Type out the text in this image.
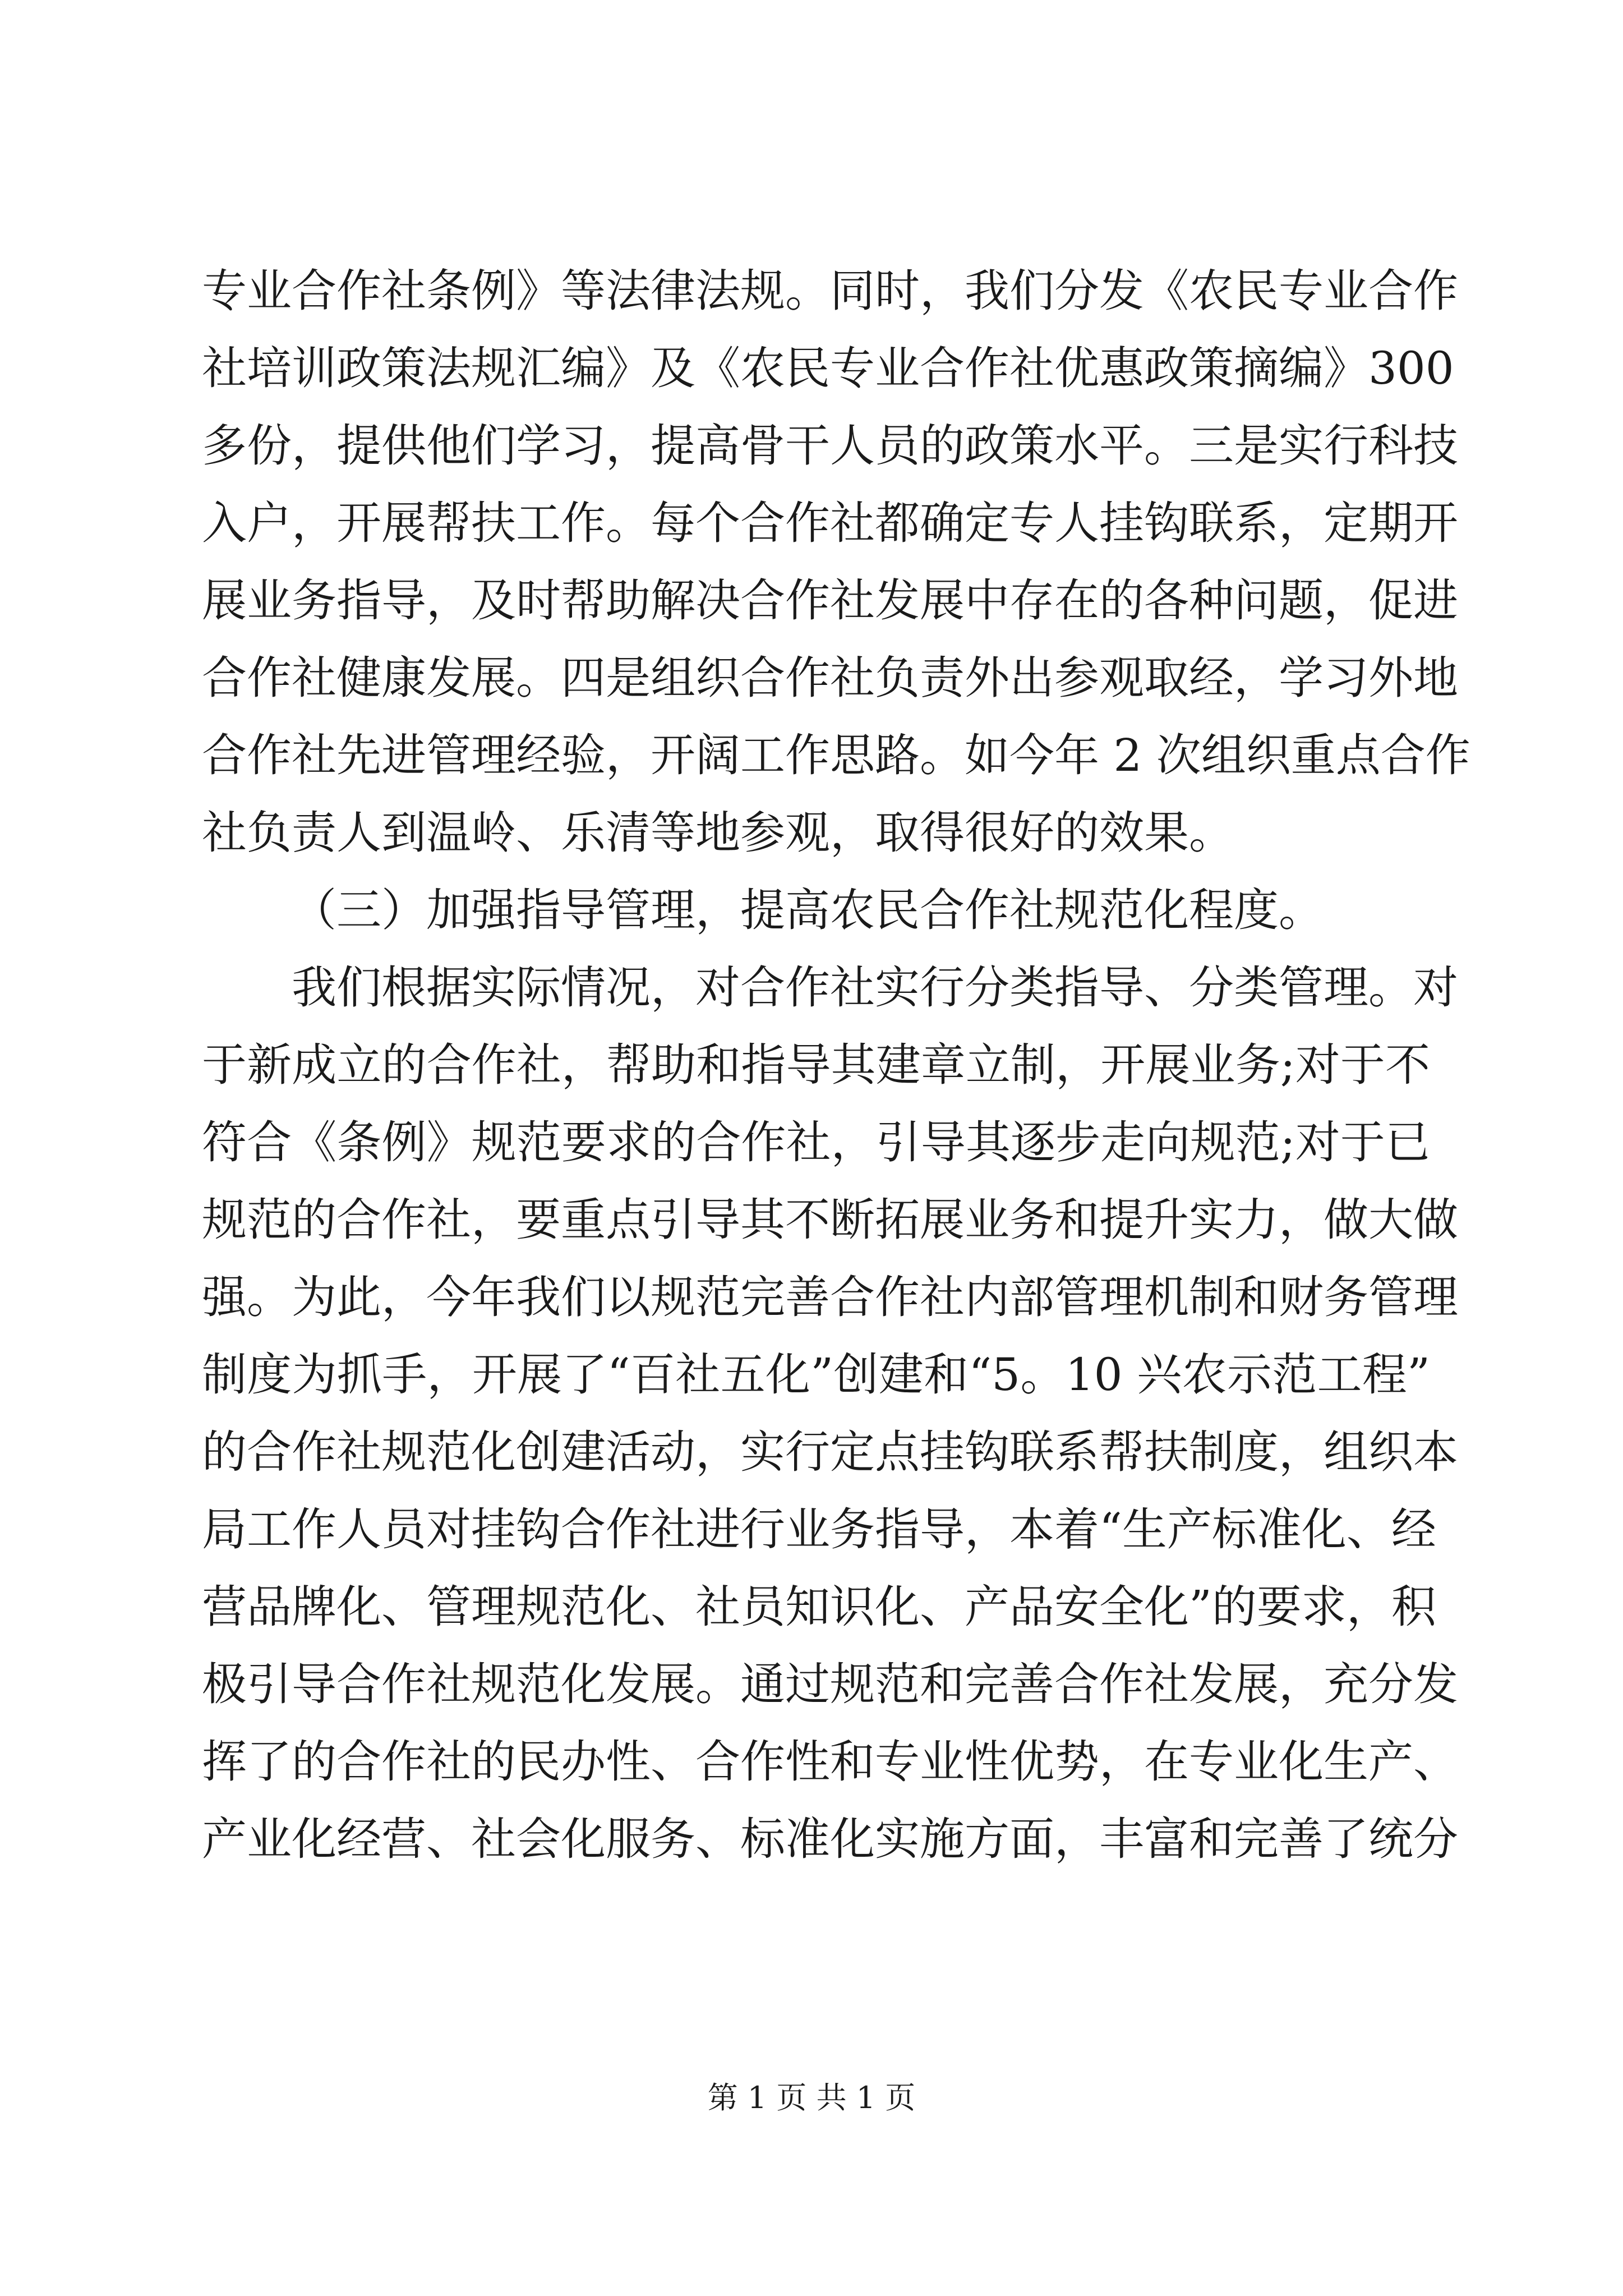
专业合作社条例》等法律法规。同时，我们分发《农民专业合作
社培训政策法规汇编》及《农民专业合作社优惠政策摘编》300
多份，提供他们学习，提高骨干人员的政策水平。三是实行科技
入户，开展帮扶工作。每个合作社都确定专人挂钩联系，定期开
展业务指导，及时帮助解决合作社发展中存在的各种问题，促进
合作社健康发展。四是组织合作社负责外出参观取经，学习外地
合作社先进管理经验，开阔工作思路。如今年 2 次组织重点合作
社负责人到温岭、乐清等地参观，取得很好的效果。
（三）加强指导管理，提高农民合作社规范化程度。
我们根据实际情况，对合作社实行分类指导、分类管理。对
于新成立的合作社，帮助和指导其建章立制，开展业务;对于不
符合《条例》规范要求的合作社，引导其逐步走向规范;对于已
规范的合作社，要重点引导其不断拓展业务和提升实力，做大做
强。为此，今年我们以规范完善合作社内部管理机制和财务管理
制度为抓手，开展了“百社五化”创建和“5。10 兴农示范工程”
的合作社规范化创建活动，实行定点挂钩联系帮扶制度，组织本
局工作人员对挂钩合作社进行业务指导，本着“生产标准化、经
营品牌化、管理规范化、社员知识化、产品安全化”的要求，积
极引导合作社规范化发展。通过规范和完善合作社发展，充分发
挥了的合作社的民办性、合作性和专业性优势，在专业化生产、
产业化经营、社会化服务、标准化实施方面，丰富和完善了统分
第 1 页 共 1 页
